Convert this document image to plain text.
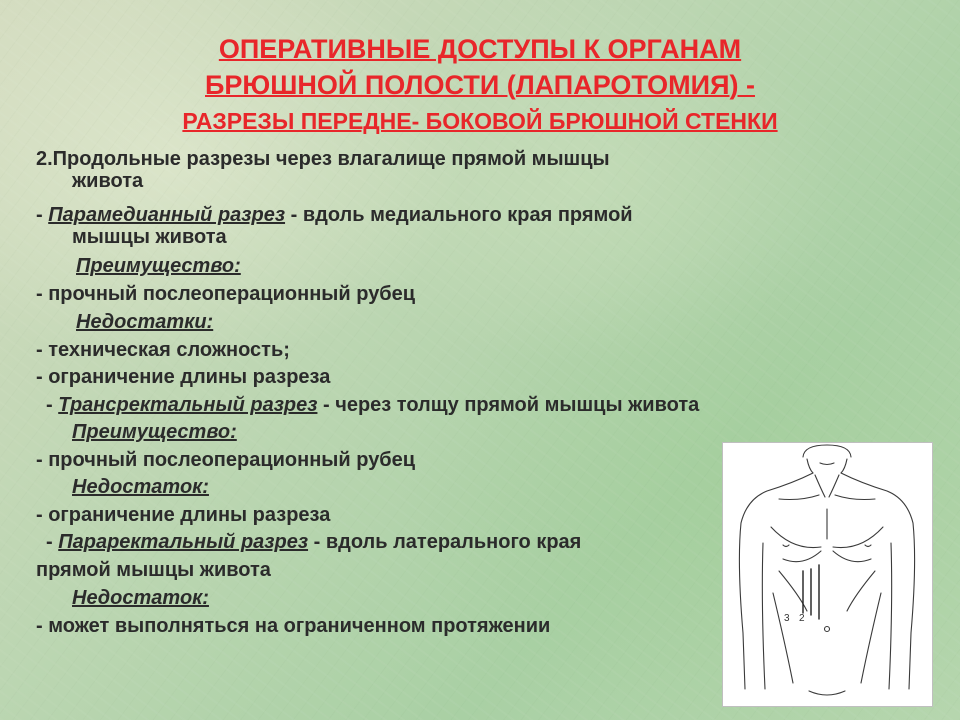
ОПЕРАТИВНЫЕ ДОСТУПЫ К ОРГАНАМ
БРЮШНОЙ ПОЛОСТИ (ЛАПАРОТОМИЯ) -
РАЗРЕЗЫ ПЕРЕДНЕ- БОКОВОЙ БРЮШНОЙ СТЕНКИ
2.Продольные разрезы через влагалище прямой мышцы
живота
- Парамедианный разрез - вдоль медиального края прямой
мышцы живота
Преимущество:
- прочный послеоперационный рубец
Недостатки:
- техническая сложность;
- ограничение длины разреза
- Трансректальный разрез - через толщу прямой мышцы живота
Преимущество:
- прочный послеоперационный рубец
Недостаток:
- ограничение длины разреза
- Параректальный разрез - вдоль латерального края
прямой мышцы живота
Недостаток:
- может выполняться на ограниченном протяжении	3 2
